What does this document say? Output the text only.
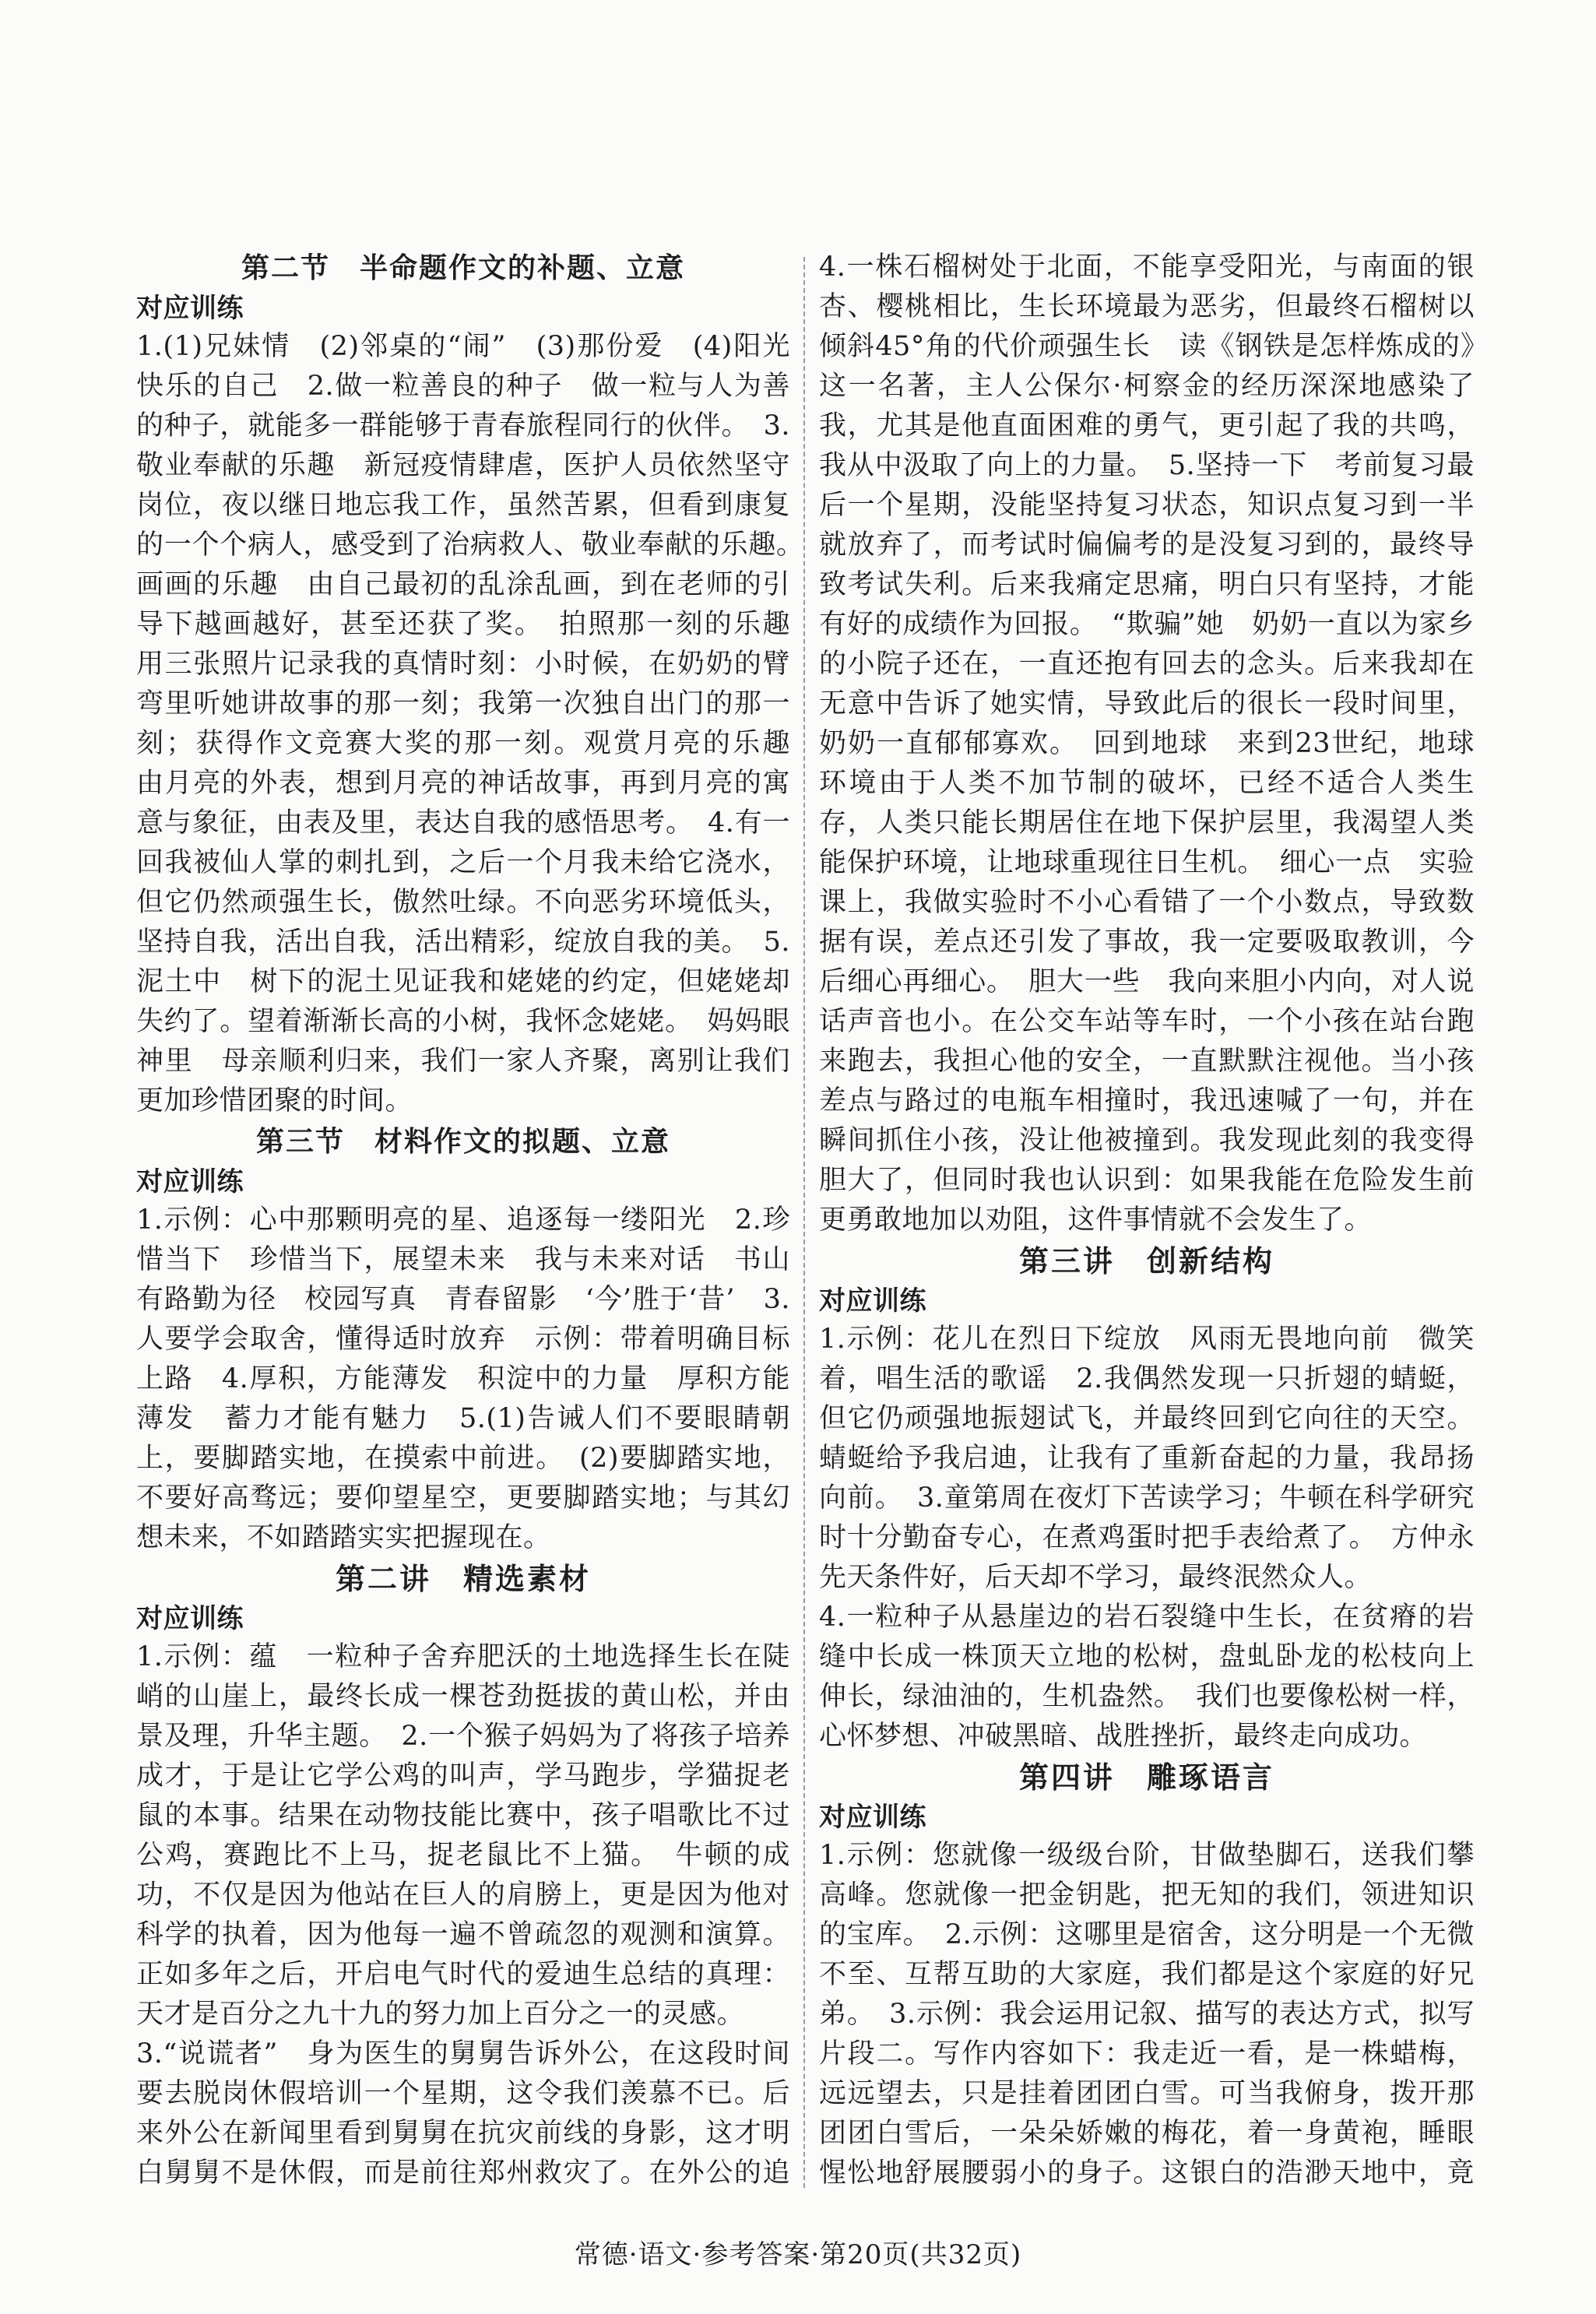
第二节　半命题作文的补题、立意
对应训练

1.(1)兄妹情　(2)邻桌的“闹”　(3)那份爱　(4)阳光快乐的自己　2.做一粒善良的种子　做一粒与人为善的种子，就能多一群能够于青春旅程同行的伙伴。　3.敬业奉献的乐趣　新冠疫情肆虐，医护人员依然坚守岗位，夜以继日地忘我工作，虽然苦累，但看到康复的一个个病人，感受到了治病救人、敬业奉献的乐趣。　画画的乐趣　由自己最初的乱涂乱画，到在老师的引导下越画越好，甚至还获了奖。　拍照那一刻的乐趣　用三张照片记录我的真情时刻：小时候，在奶奶的臂弯里听她讲故事的那一刻；我第一次独自出门的那一刻；获得作文竞赛大奖的那一刻。观赏月亮的乐趣　由月亮的外表，想到月亮的神话故事，再到月亮的寓意与象征，由表及里，表达自我的感悟思考。　4.有一回我被仙人掌的刺扎到，之后一个月我未给它浇水，但它仍然顽强生长，傲然吐绿。不向恶劣环境低头，坚持自我，活出自我，活出精彩，绽放自我的美。　5.泥土中　树下的泥土见证我和姥姥的约定，但姥姥却失约了。望着渐渐长高的小树，我怀念姥姥。　妈妈眼神里　母亲顺利归来，我们一家人齐聚，离别让我们更加珍惜团聚的时间。

第三节　材料作文的拟题、立意
对应训练

1.示例：心中那颗明亮的星、追逐每一缕阳光　2.珍惜当下　珍惜当下，展望未来　我与未来对话　书山有路勤为径　校园写真　青春留影　‘今’胜于‘昔’　3.人要学会取舍，懂得适时放弃　示例：带着明确目标上路　4.厚积，方能薄发　积淀中的力量　厚积方能薄发　蓄力才能有魅力　5.(1)告诫人们不要眼睛朝上，要脚踏实地，在摸索中前进。　(2)要脚踏实地，不要好高骛远；要仰望星空，更要脚踏实地；与其幻想未来，不如踏踏实实把握现在。

第二讲　精选素材
对应训练

1.示例：蕴　一粒种子舍弃肥沃的土地选择生长在陡峭的山崖上，最终长成一棵苍劲挺拔的黄山松，并由景及理，升华主题。　2.一个猴子妈妈为了将孩子培养成才，于是让它学公鸡的叫声，学马跑步，学猫捉老鼠的本事。结果在动物技能比赛中，孩子唱歌比不过公鸡，赛跑比不上马，捉老鼠比不上猫。　牛顿的成功，不仅是因为他站在巨人的肩膀上，更是因为他对科学的执着，因为他每一遍不曾疏忽的观测和演算。正如多年之后，开启电气时代的爱迪生总结的真理：天才是百分之九十九的努力加上百分之一的灵感。

3.“说谎者”　身为医生的舅舅告诉外公，在这段时间要去脱岗休假培训一个星期，这令我们羡慕不已。后来外公在新闻里看到舅舅在抗灾前线的身影，这才明白舅舅不是休假，而是前往郑州救灾了。在外公的追　　

4.一株石榴树处于北面，不能享受阳光，与南面的银杏、樱桃相比，生长环境最为恶劣，但最终石榴树以倾斜45°角的代价顽强生长　读《钢铁是怎样炼成的》这一名著，主人公保尔·柯察金的经历深深地感染了我，尤其是他直面困难的勇气，更引起了我的共鸣，我从中汲取了向上的力量。　5.坚持一下　考前复习最后一个星期，没能坚持复习状态，知识点复习到一半就放弃了，而考试时偏偏考的是没复习到的，最终导致考试失利。后来我痛定思痛，明白只有坚持，才能有好的成绩作为回报。　“欺骗”她　奶奶一直以为家乡的小院子还在，一直还抱有回去的念头。后来我却在无意中告诉了她实情，导致此后的很长一段时间里，奶奶一直郁郁寡欢。　回到地球　来到23世纪，地球环境由于人类不加节制的破坏，已经不适合人类生存，人类只能长期居住在地下保护层里，我渴望人类能保护环境，让地球重现往日生机。　细心一点　实验课上，我做实验时不小心看错了一个小数点，导致数据有误，差点还引发了事故，我一定要吸取教训，今后细心再细心。　胆大一些　我向来胆小内向，对人说话声音也小。在公交车站等车时，一个小孩在站台跑来跑去，我担心他的安全，一直默默注视他。当小孩差点与路过的电瓶车相撞时，我迅速喊了一句，并在瞬间抓住小孩，没让他被撞到。我发现此刻的我变得胆大了，但同时我也认识到：如果我能在危险发生前更勇敢地加以劝阻，这件事情就不会发生了。

第三讲　创新结构
对应训练

1.示例：花儿在烈日下绽放　风雨无畏地向前　微笑着，唱生活的歌谣　2.我偶然发现一只折翅的蜻蜓，但它仍顽强地振翅试飞，并最终回到它向往的天空。蜻蜓给予我启迪，让我有了重新奋起的力量，我昂扬向前。　3.童第周在夜灯下苦读学习；牛顿在科学研究时十分勤奋专心，在煮鸡蛋时把手表给煮了。　方仲永先天条件好，后天却不学习，最终泯然众人。

4.一粒种子从悬崖边的岩石裂缝中生长，在贫瘠的岩缝中长成一株顶天立地的松树，盘虬卧龙的松枝向上伸长，绿油油的，生机盎然。　我们也要像松树一样，心怀梦想、冲破黑暗、战胜挫折，最终走向成功。

第四讲　雕琢语言
对应训练

1.示例：您就像一级级台阶，甘做垫脚石，送我们攀高峰。您就像一把金钥匙，把无知的我们，领进知识的宝库。　2.示例：这哪里是宿舍，这分明是一个无微不至、互帮互助的大家庭，我们都是这个家庭的好兄弟。　3.示例：我会运用记叙、描写的表达方式，拟写片段二。写作内容如下：我走近一看，是一株蜡梅，远远望去，只是挂着团团白雪。可当我俯身，拨开那团团白雪后，一朵朵娇嫩的梅花，着一身黄袍，睡眼惺忪地舒展腰弱小的身子。这银白的浩渺天地中，竟　

常德·语文·参考答案·第20页(共32页)
